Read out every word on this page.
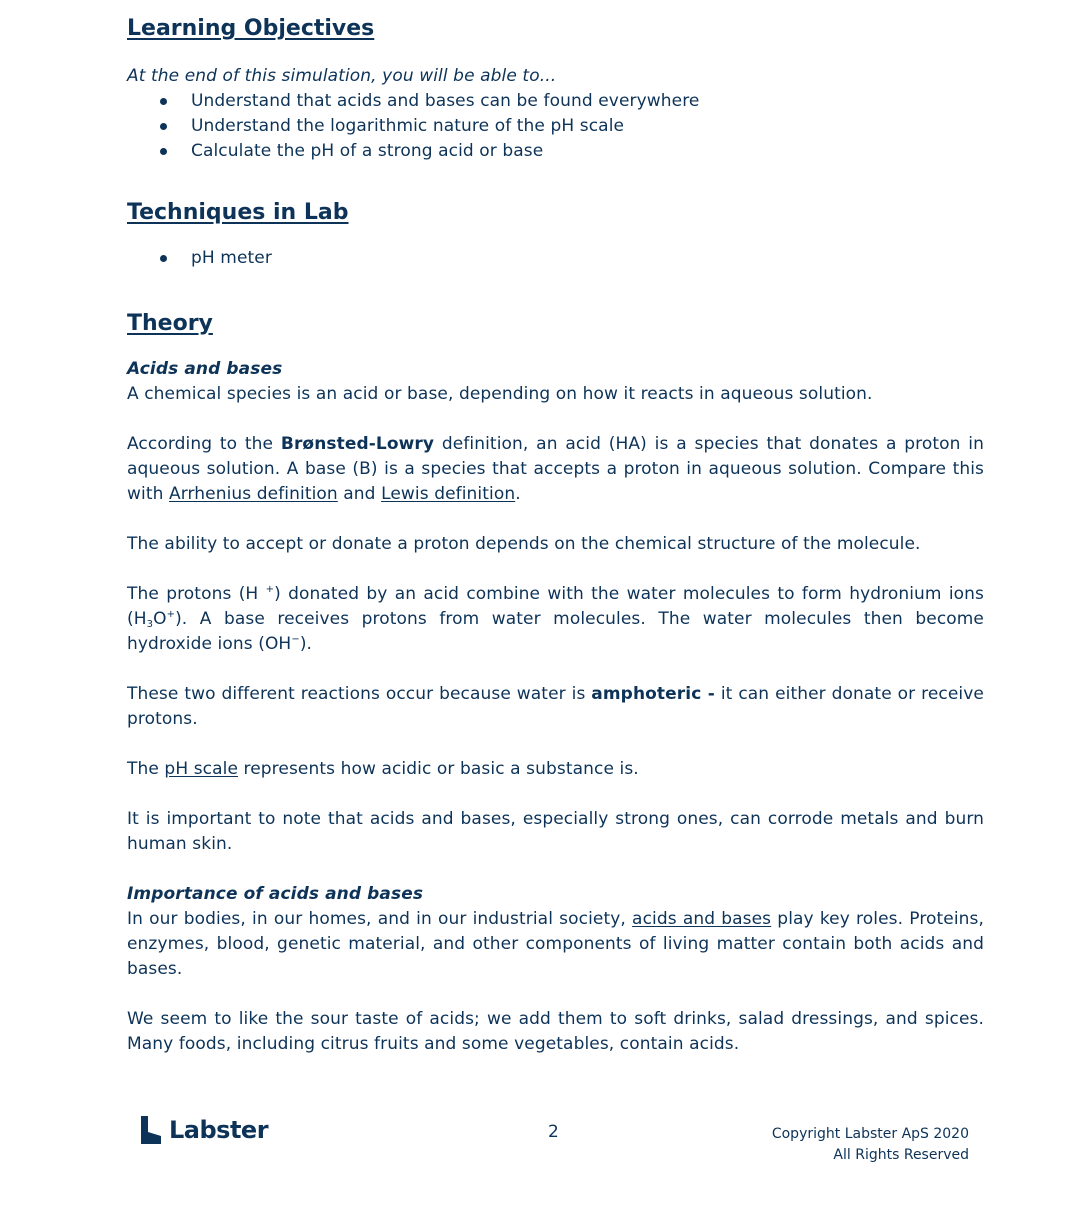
Learning Objectives

At the end of this simulation, you will be able to...

Understand that acids and bases can be found everywhere
Understand the logarithmic nature of the pH scale
Calculate the pH of a strong acid or base
Techniques in Lab
pH meter
Theory

Acids and bases

A chemical species is an acid or base, depending on how it reacts in aqueous solution.

According to the Brønsted-Lowry definition, an acid (HA) is a species that donates a proton in aqueous solution. A base (B) is a species that accepts a proton in aqueous solution. Compare this with Arrhenius definition and Lewis definition.

The ability to accept or donate a proton depends on the chemical structure of the molecule.

The protons (H +) donated by an acid combine with the water molecules to form hydronium ions $(H_3O^+)$. A base receives protons from water molecules. The water molecules then become hydroxide ions (OH−).

These two different reactions occur because water is amphoteric - it can either donate or receive protons.

The pH scale represents how acidic or basic a substance is.

It is important to note that acids and bases, especially strong ones, can corrode metals and burn human skin.

Importance of acids and bases

In our bodies, in our homes, and in our industrial society, acids and bases play key roles. Proteins, enzymes, blood, genetic material, and other components of living matter contain both acids and bases.

We seem to like the sour taste of acids; we add them to soft drinks, salad dressings, and spices. Many foods, including citrus fruits and some vegetables, contain acids.

Labster	2	Copyright Labster ApS 2020
All Rights Reserved
